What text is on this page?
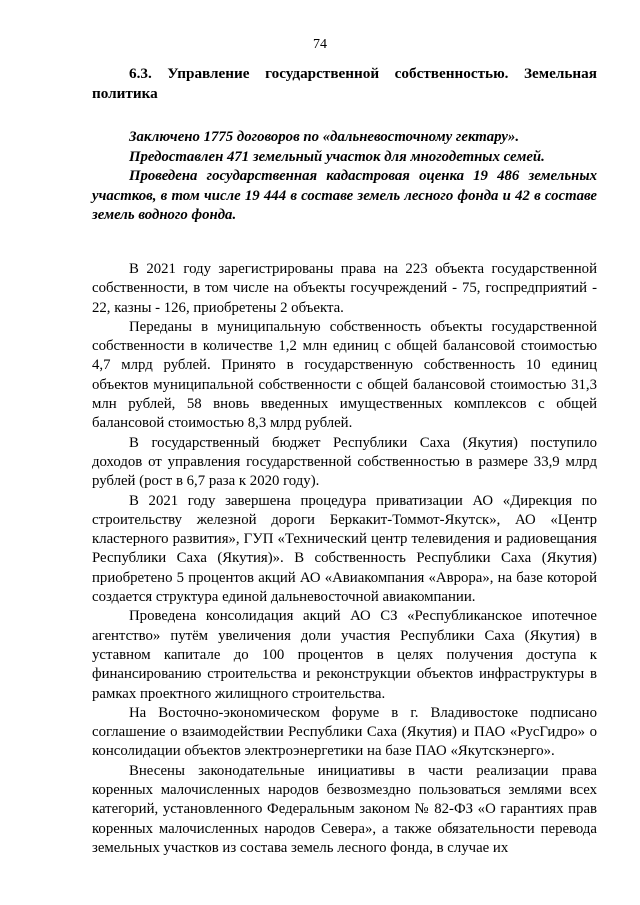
74

6.3. Управление государственной собственностью. Земельная политика

Заключено 1775 договоров по «дальневосточному гектару».

Предоставлен 471 земельный участок для многодетных семей.

Проведена государственная кадастровая оценка 19 486 земельных участков, в том числе 19 444 в составе земель лесного фонда и 42 в составе земель водного фонда.

В 2021 году зарегистрированы права на 223 объекта государственной собственности, в том числе на объекты госучреждений - 75, госпредприятий - 22, казны - 126, приобретены 2 объекта.

Переданы в муниципальную собственность объекты государственной собственности в количестве 1,2 млн единиц с общей балансовой стоимостью 4,7 млрд рублей. Принято в государственную собственность 10 единиц объектов муниципальной собственности с общей балансовой стоимостью 31,3 млн рублей, 58 вновь введенных имущественных комплексов с общей балансовой стоимостью 8,3 млрд рублей.

В государственный бюджет Республики Саха (Якутия) поступило доходов от управления государственной собственностью в размере 33,9 млрд рублей (рост в 6,7 раза к 2020 году).

В 2021 году завершена процедура приватизации АО «Дирекция по строительству железной дороги Беркакит-Томмот-Якутск», АО «Центр кластерного развития», ГУП «Технический центр телевидения и радиовещания Республики Саха (Якутия)». В собственность Республики Саха (Якутия) приобретено 5 процентов акций АО «Авиакомпания «Аврора», на базе которой создается структура единой дальневосточной авиакомпании.

Проведена консолидация акций АО СЗ «Республиканское ипотечное агентство» путём увеличения доли участия Республики Саха (Якутия) в уставном капитале до 100 процентов в целях получения доступа к финансированию строительства и реконструкции объектов инфраструктуры в рамках проектного жилищного строительства.

На Восточно-экономическом форуме в г. Владивостоке подписано соглашение о взаимодействии Республики Саха (Якутия) и ПАО «РусГидро» о консолидации объектов электроэнергетики на базе ПАО «Якутскэнерго».

Внесены законодательные инициативы в части реализации права коренных малочисленных народов безвозмездно пользоваться землями всех категорий, установленного Федеральным законом № 82-ФЗ «О гарантиях прав коренных малочисленных народов Севера», а также обязательности перевода земельных участков из состава земель лесного фонда, в случае их
